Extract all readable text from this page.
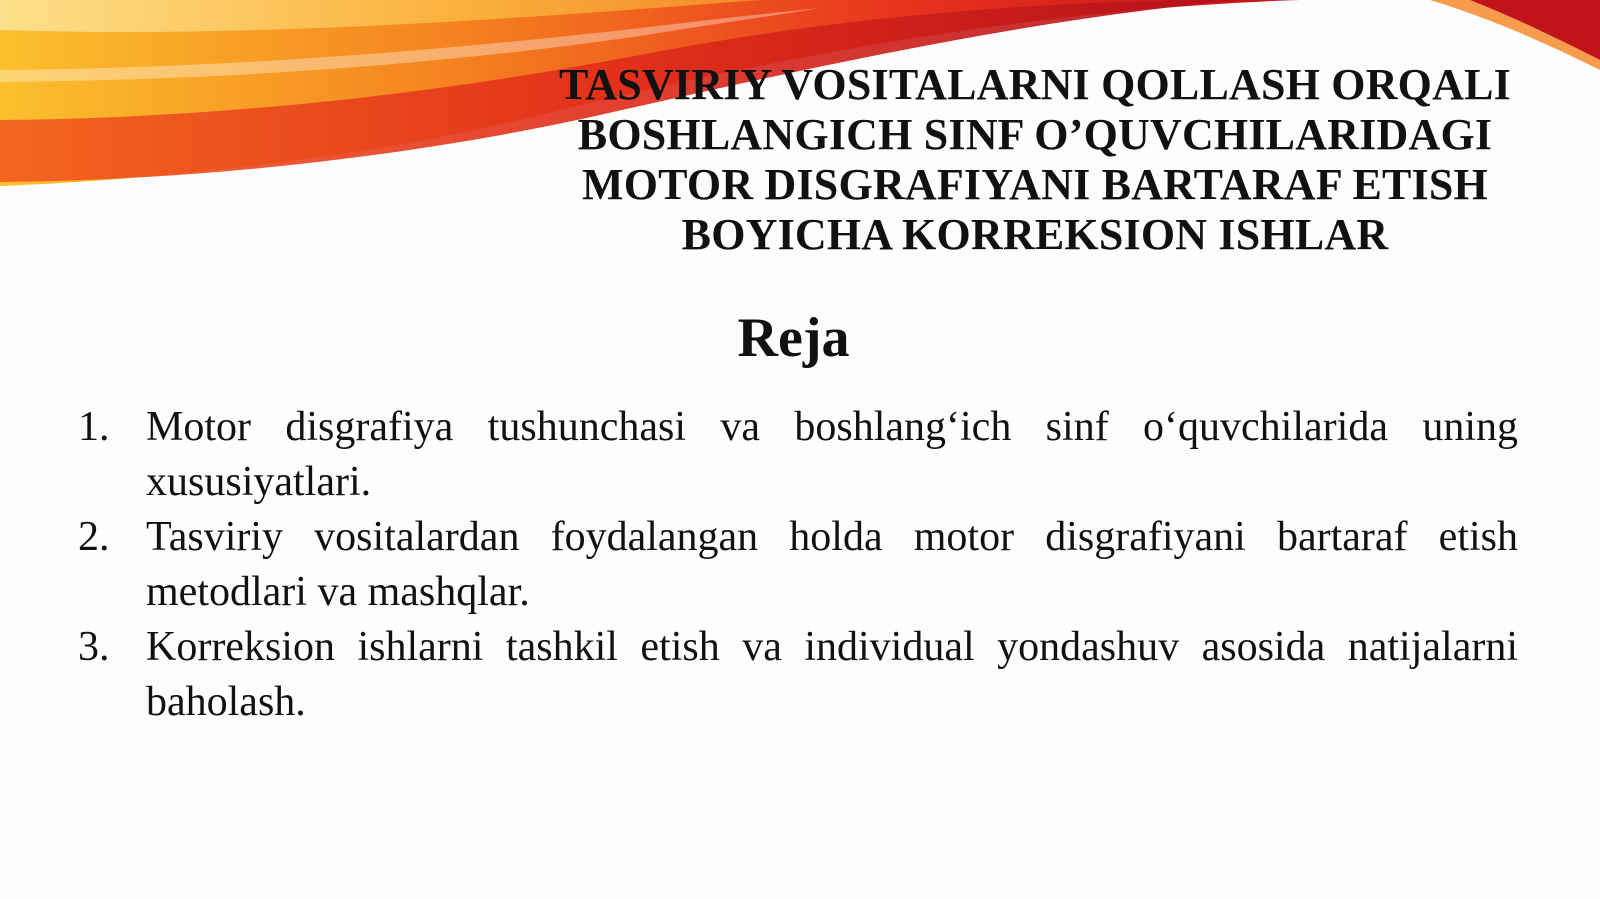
TASVIRIY VOSITALARNI QOLLASH ORQALI
BOSHLANGICH SINF O’QUVCHILARIDAGI
MOTOR DISGRAFIYANI BARTARAF ETISH
BOYICHA KORREKSION ISHLAR
Reja
1. Motor disgrafiya tushunchasi va boshlang‘ich sinf o‘quvchilarida uning xususiyatlari.
2. Tasviriy vositalardan foydalangan holda motor disgrafiyani bartaraf etish metodlari va mashqlar.
3. Korreksion ishlarni tashkil etish va individual yondashuv asosida natijalarni baholash.
